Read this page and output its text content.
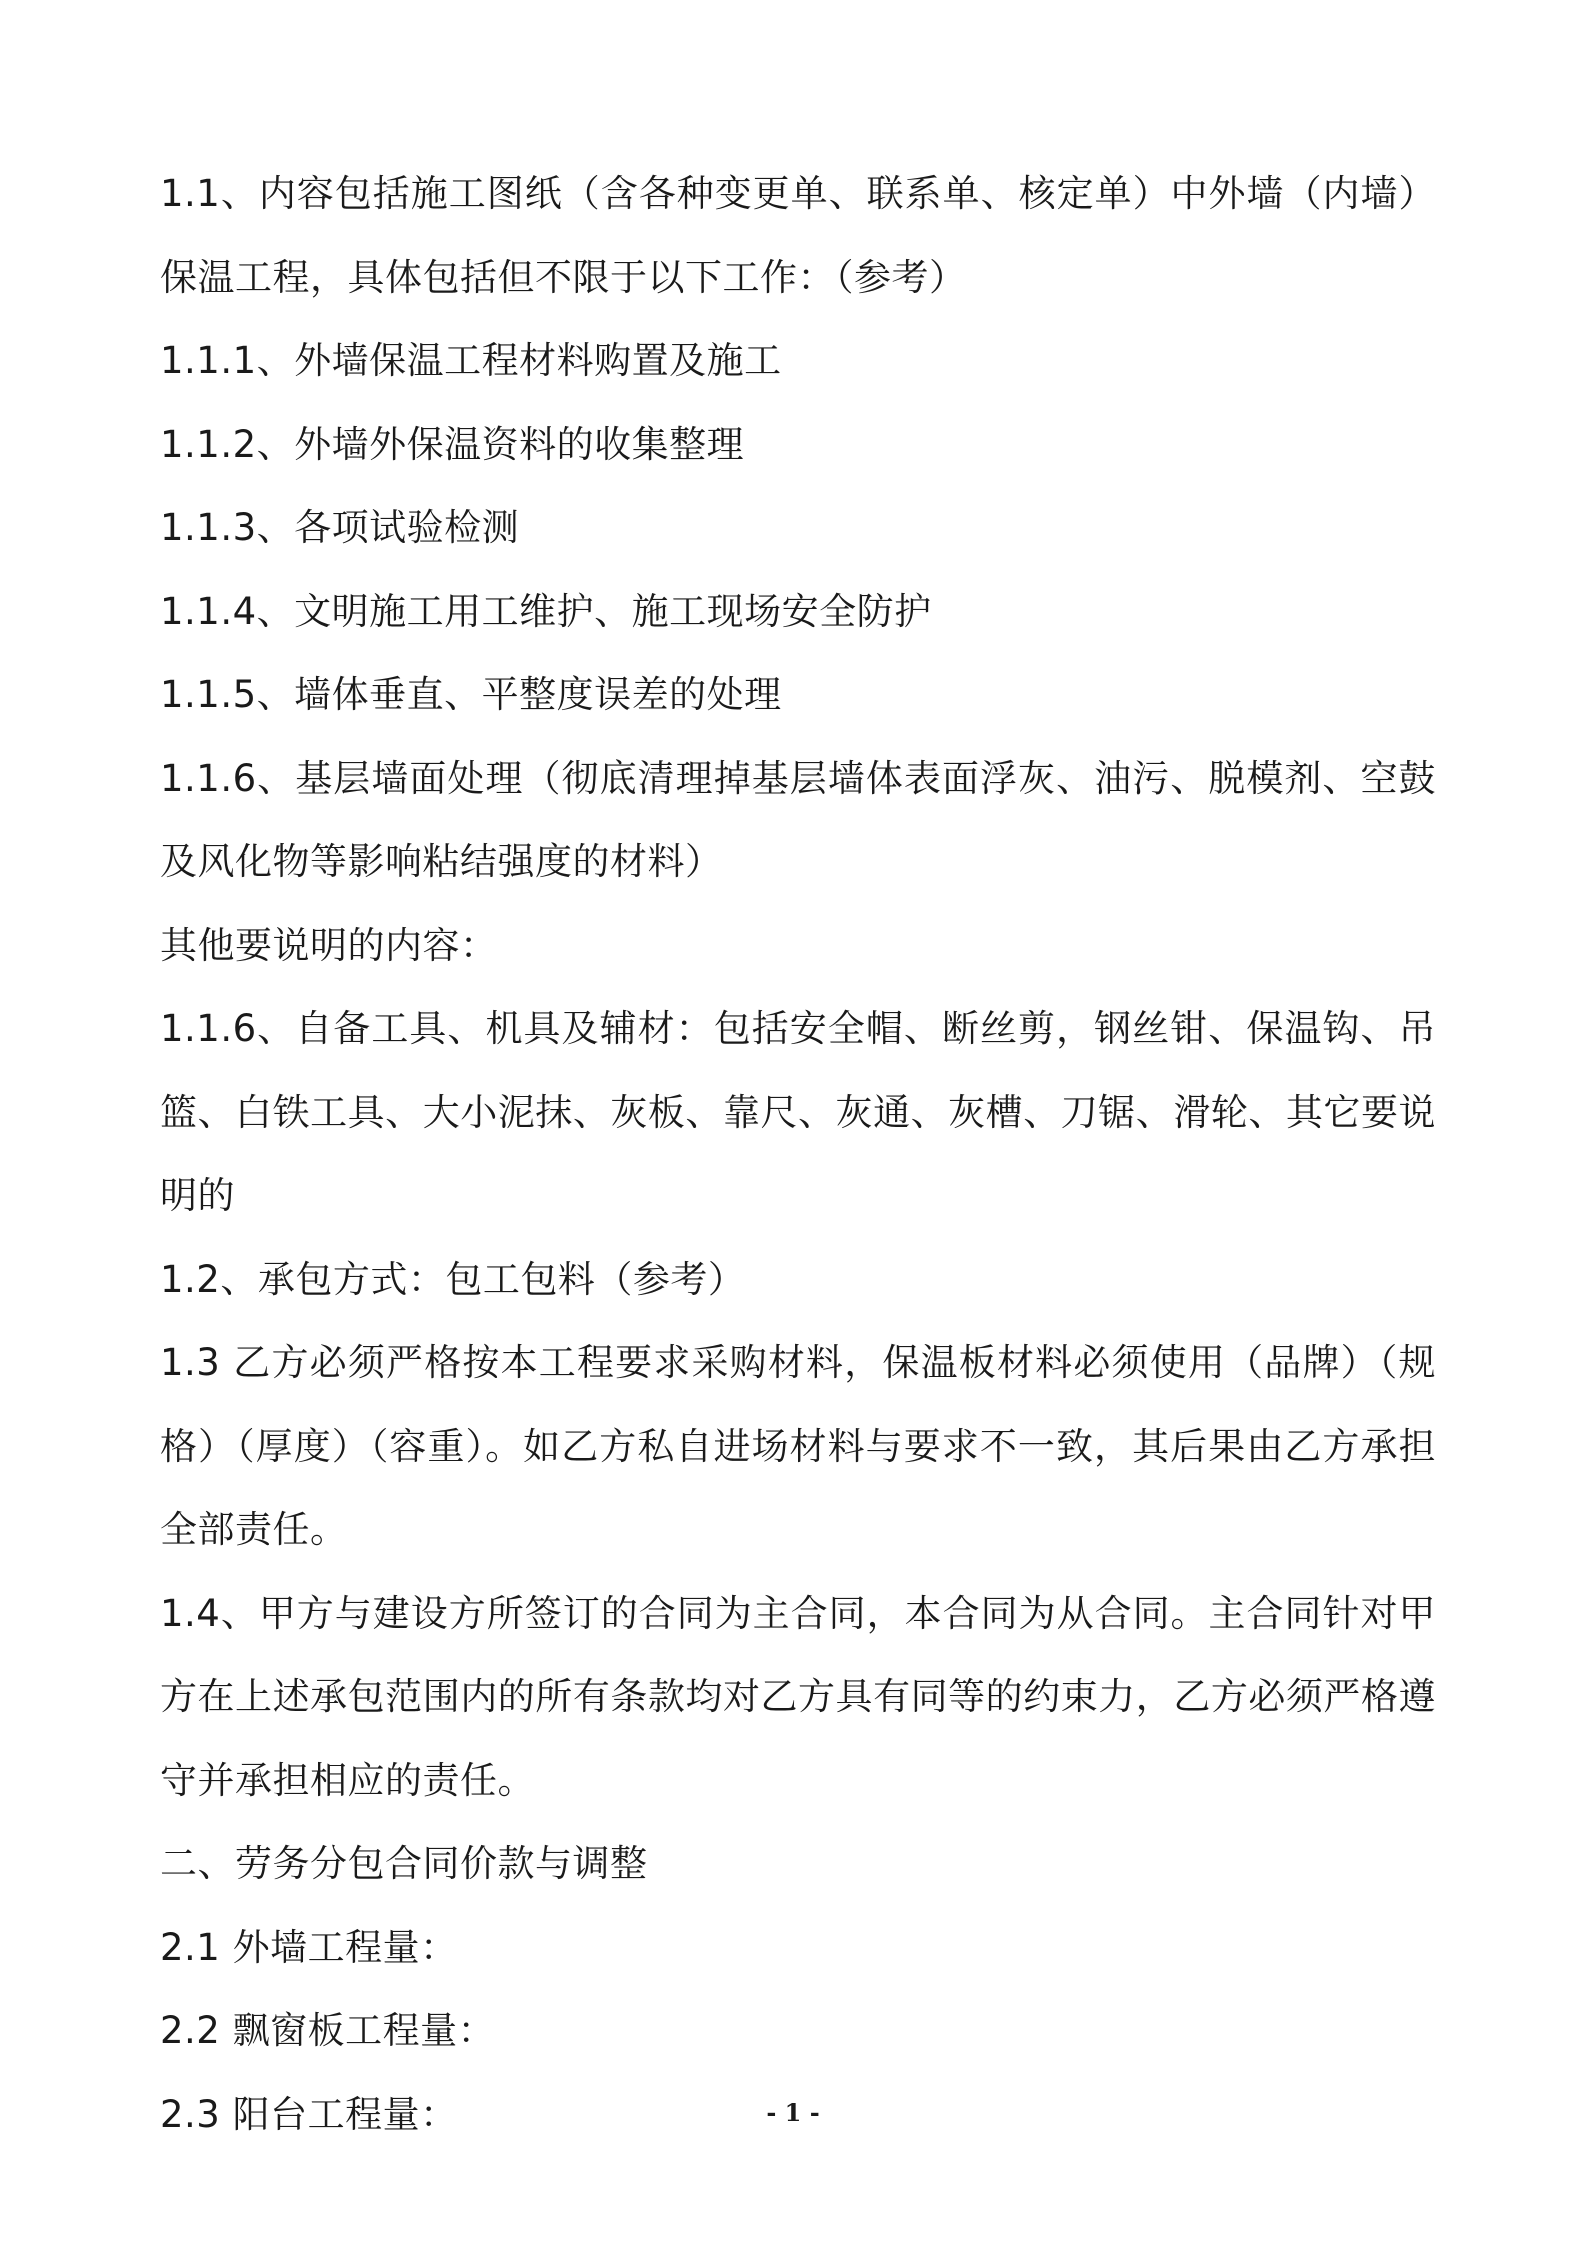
1.1、内容包括施工图纸（含各种变更单、联系单、核定单）中外墙（内墙）保温工程，具体包括但不限于以下工作：（参考）

1.1.1、外墙保温工程材料购置及施工

1.1.2、外墙外保温资料的收集整理

1.1.3、各项试验检测

1.1.4、文明施工用工维护、施工现场安全防护

1.1.5、墙体垂直、平整度误差的处理

1.1.6、基层墙面处理（彻底清理掉基层墙体表面浮灰、油污、脱模剂、空鼓及风化物等影响粘结强度的材料）

其他要说明的内容：

1.1.6、自备工具、机具及辅材：包括安全帽、断丝剪，钢丝钳、保温钩、吊篮、白铁工具、大小泥抹、灰板、靠尺、灰通、灰槽、刀锯、滑轮、其它要说明的

1.2、承包方式：包工包料（参考）

1.3 乙方必须严格按本工程要求采购材料，保温板材料必须使用（品牌）（规格）（厚度）（容重）。如乙方私自进场材料与要求不一致，其后果由乙方承担全部责任。

1.4、甲方与建设方所签订的合同为主合同，本合同为从合同。主合同针对甲方在上述承包范围内的所有条款均对乙方具有同等的约束力，乙方必须严格遵守并承担相应的责任。

二、劳务分包合同价款与调整

2.1 外墙工程量：

2.2 飘窗板工程量：

2.3 阳台工程量：	- 1 -
